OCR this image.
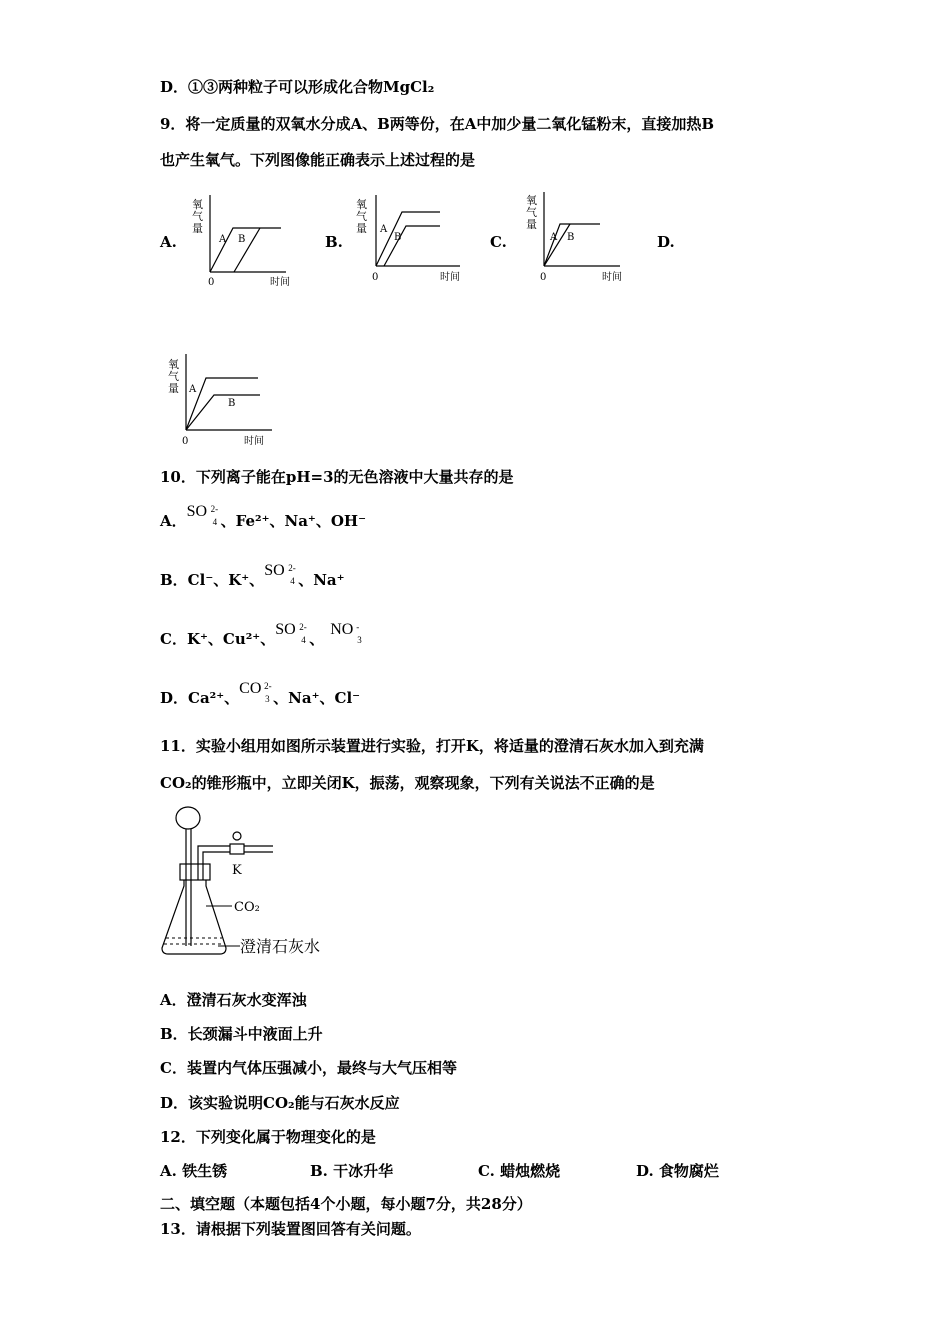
D．①③两种粒子可以形成化合物MgCl₂
9．将一定质量的双氧水分成A、B两等份，在A中加少量二氧化锰粉末，直接加热B
也产生氧气。下列图像能正确表示上述过程的是
A.	B.	C.	D.
氧
气
量
A B
0	时间
氧
气
量 A
B
0	时间
氧
气
量
A B
0	时间
氧
气
量 A
B
0	时间
10．下列离子能在pH=3的无色溶液中大量共存的是
A．SO 2-
4 、Fe²⁺、Na⁺、OH⁻
B．Cl⁻、K⁺、SO 2-
4 、Na⁺
C．K⁺、Cu²⁺、SO 2-
4 、NO -
3
D．Ca²⁺、CO 2-
3 、Na⁺、Cl⁻
11．实验小组用如图所示装置进行实验，打开K，将适量的澄清石灰水加入到充满
CO₂的锥形瓶中，立即关闭K，振荡，观察现象，下列有关说法不正确的是
K
CO₂
澄清石灰水
A．澄清石灰水变浑浊
B．长颈漏斗中液面上升
C．装置内气体压强减小，最终与大气压相等
D．该实验说明CO₂能与石灰水反应
12．下列变化属于物理变化的是
A. 铁生锈	B. 干冰升华	C. 蜡烛燃烧	D. 食物腐烂
二、填空题（本题包括4个小题，每小题7分，共28分）
13．请根据下列装置图回答有关问题。
